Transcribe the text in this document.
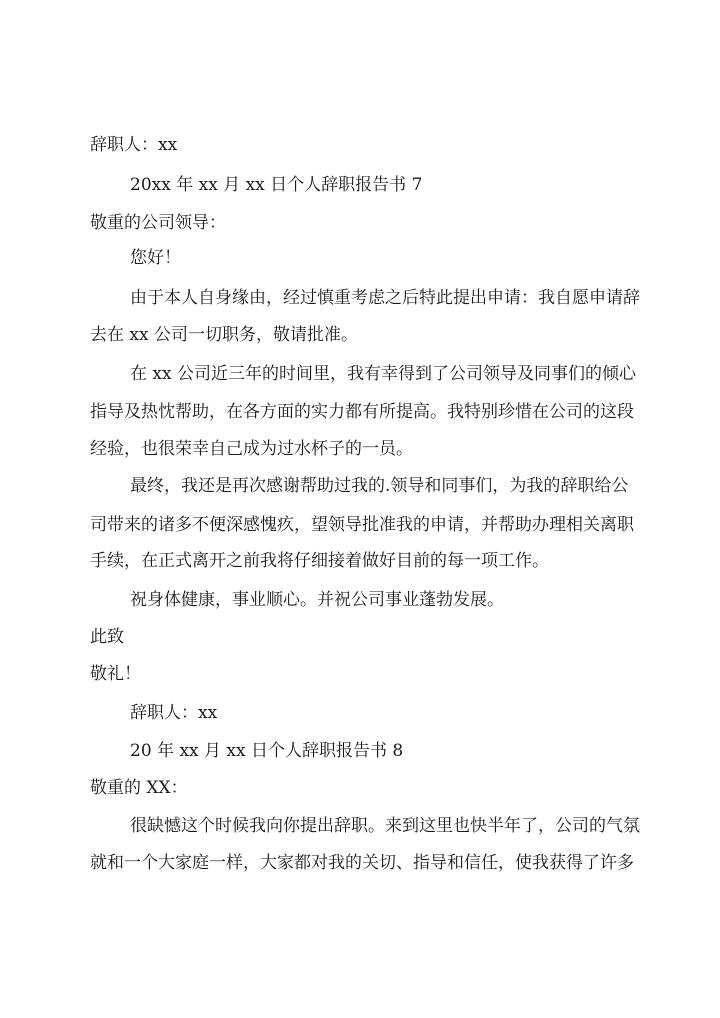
辞职人：xx
20xx 年 xx 月 xx 日个人辞职报告书 7
敬重的公司领导：
您好！
由于本人自身缘由，经过慎重考虑之后特此提出申请：我自愿申请辞
去在 xx 公司一切职务，敬请批准。
在 xx 公司近三年的时间里，我有幸得到了公司领导及同事们的倾心
指导及热忱帮助，在各方面的实力都有所提高。我特别珍惜在公司的这段
经验，也很荣幸自己成为过水杯子的一员。
最终，我还是再次感谢帮助过我的.领导和同事们，为我的辞职给公
司带来的诸多不便深感愧疚，望领导批准我的申请，并帮助办理相关离职
手续，在正式离开之前我将仔细接着做好目前的每一项工作。
祝身体健康，事业顺心。并祝公司事业蓬勃发展。
此致
敬礼！
辞职人：xx
20 年 xx 月 xx 日个人辞职报告书 8
敬重的 XX：
很缺憾这个时候我向你提出辞职。来到这里也快半年了，公司的气氛
就和一个大家庭一样，大家都对我的关切、指导和信任，使我获得了许多
